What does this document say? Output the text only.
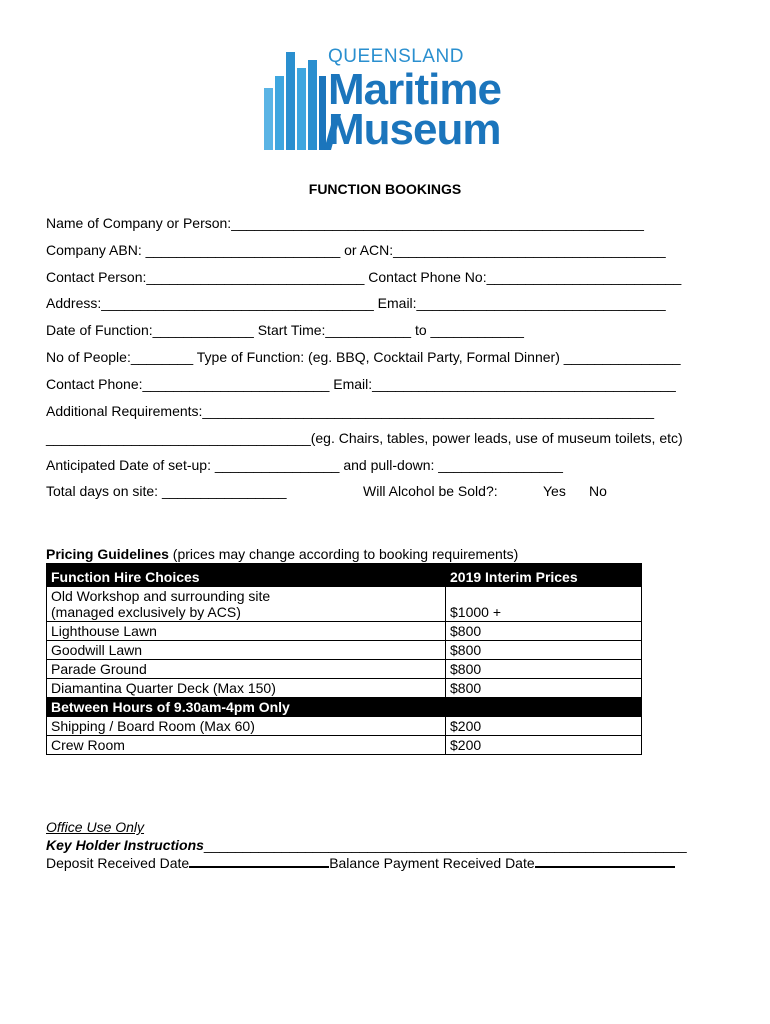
QUEENSLAND
Maritime
Museum
FUNCTION BOOKINGS
Name of Company or Person:_____________________________________________________
Company ABN: _________________________ or ACN:___________________________________
Contact Person:____________________________ Contact Phone No:_________________________
Address:___________________________________ Email:________________________________
Date of Function:_____________ Start Time:___________ to ____________
No of People:________ Type of Function: (eg. BBQ, Cocktail Party, Formal Dinner) _______________
Contact Phone:________________________ Email:_______________________________________
Additional Requirements:__________________________________________________________
__________________________________(eg. Chairs, tables, power leads, use of museum toilets, etc)
Anticipated Date of set-up: ________________ and pull-down: ________________
Total days on site: ________________	Will Alcohol be Sold?:	Yes No
Pricing Guidelines (prices may change according to booking requirements)
Function Hire Choices	2019 Interim Prices
Old Workshop and surrounding site
(managed exclusively by ACS)	$1000 +
Lighthouse Lawn	$800
Goodwill Lawn	$800
Parade Ground	$800
Diamantina Quarter Deck (Max 150)	$800
Between Hours of 9.30am-4pm Only	
Shipping / Board Room (Max 60)	$200
Crew Room	$200
Office Use Only
Key Holder Instructions______________________________________________________________
Deposit Received Date	Balance Payment Received Date
